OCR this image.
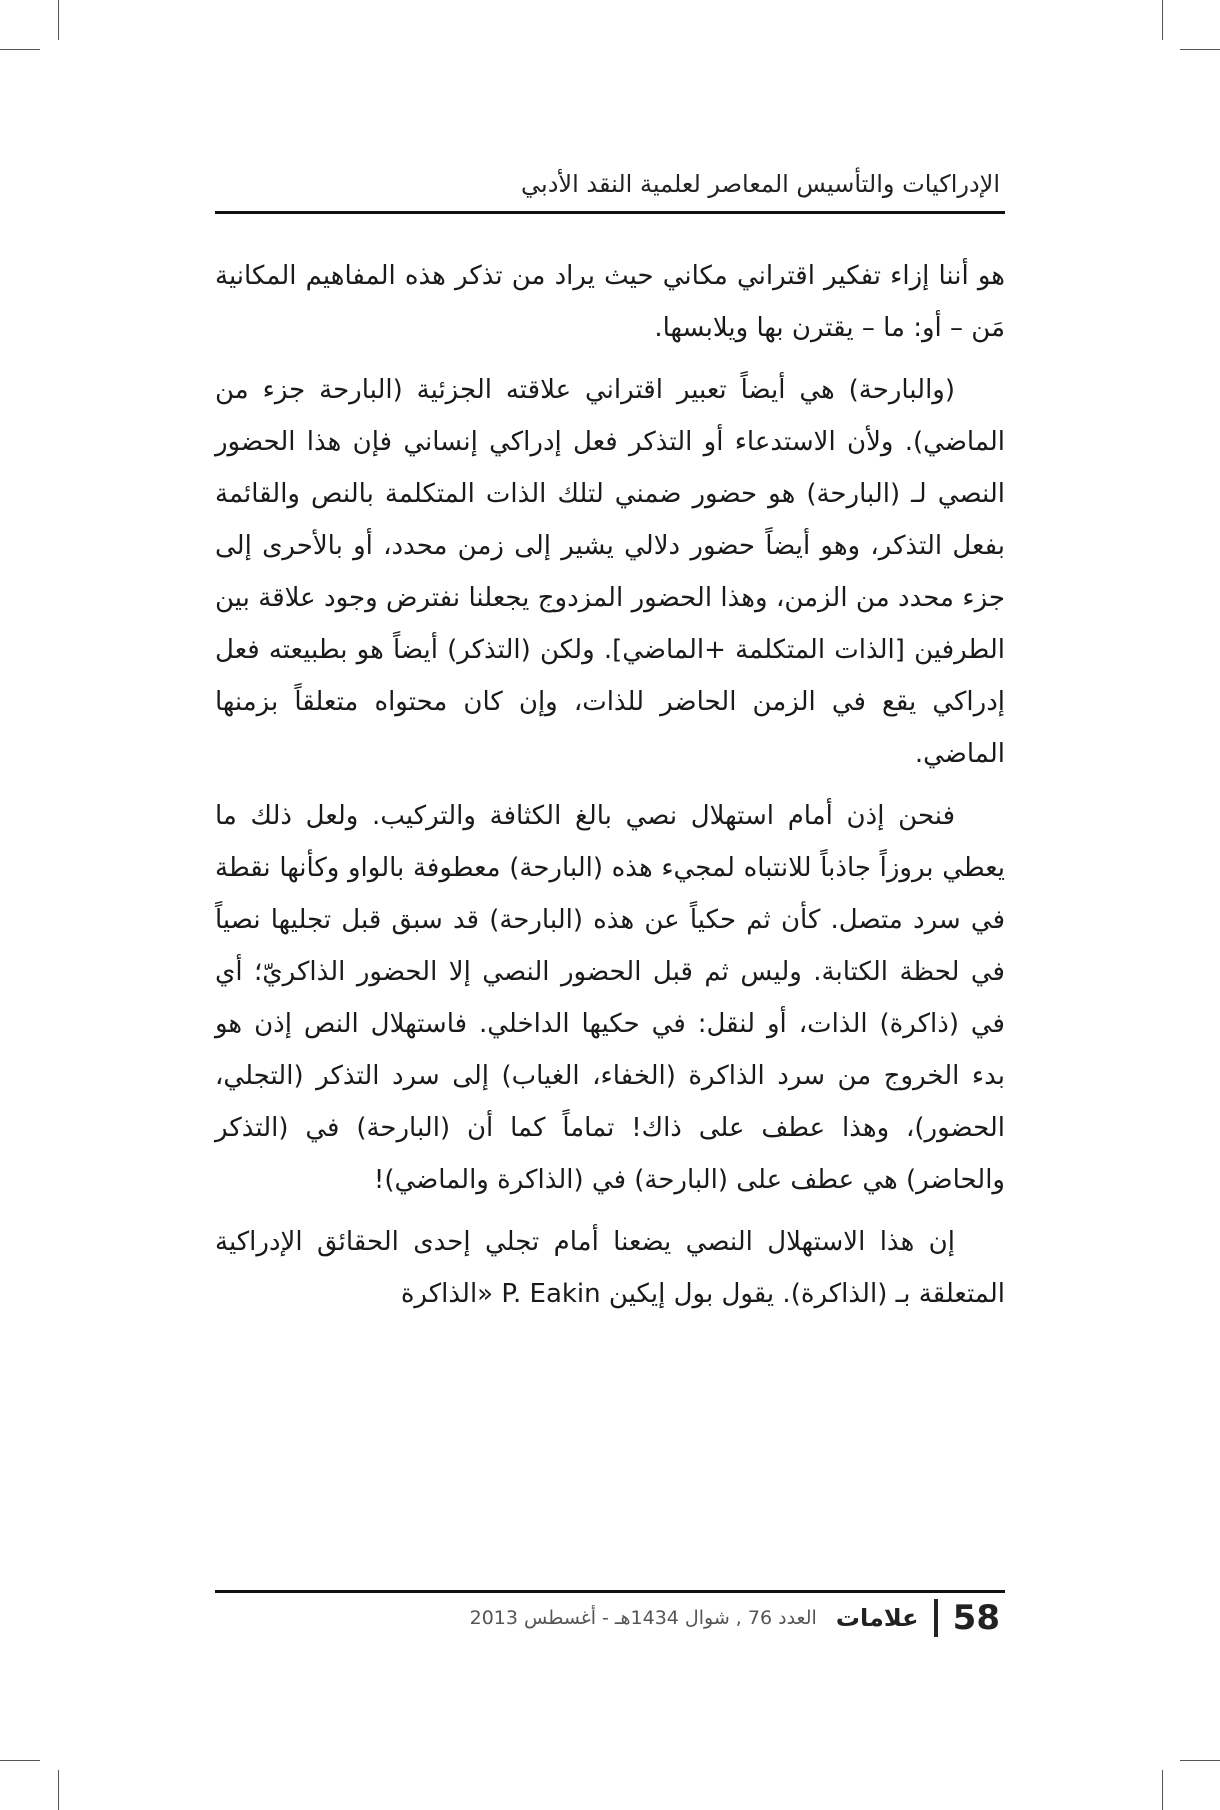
الإدراكيات والتأسيس المعاصر لعلمية النقد الأدبي

هو أننا إزاء تفكير اقتراني مكاني حيث يراد من تذكر هذه المفاهيم المكانية مَن – أو: ما – يقترن بها ويلابسها.

(والبارحة) هي أيضاً تعبير اقتراني علاقته الجزئية (البارحة جزء من الماضي). ولأن الاستدعاء أو التذكر فعل إدراكي إنساني فإن هذا الحضور النصي لـ (البارحة) هو حضور ضمني لتلك الذات المتكلمة بالنص والقائمة بفعل التذكر، وهو أيضاً حضور دلالي يشير إلى زمن محدد، أو بالأحرى إلى جزء محدد من الزمن، وهذا الحضور المزدوج يجعلنا نفترض وجود علاقة بين الطرفين [الذات المتكلمة +الماضي]. ولكن (التذكر) أيضاً هو بطبيعته فعل إدراكي يقع في الزمن الحاضر للذات، وإن كان محتواه متعلقاً بزمنها الماضي.

فنحن إذن أمام استهلال نصي بالغ الكثافة والتركيب. ولعل ذلك ما يعطي بروزاً جاذباً للانتباه لمجيء هذه (البارحة) معطوفة بالواو وكأنها نقطة في سرد متصل. كأن ثم حكياً عن هذه (البارحة) قد سبق قبل تجليها نصياً في لحظة الكتابة. وليس ثم قبل الحضور النصي إلا الحضور الذاكريّ؛ أي في (ذاكرة) الذات، أو لنقل: في حكيها الداخلي. فاستهلال النص إذن هو بدء الخروج من سرد الذاكرة (الخفاء، الغياب) إلى سرد التذكر (التجلي، الحضور)، وهذا عطف على ذاك! تماماً كما أن (البارحة) في (التذكر والحاضر) هي عطف على (البارحة) في (الذاكرة والماضي)!

إن هذا الاستهلال النصي يضعنا أمام تجلي إحدى الحقائق الإدراكية المتعلقة بـ (الذاكرة). يقول بول إيكين P. Eakin «الذاكرة

58  علامات العدد 76 , شوال 1434هـ - أغسطس 2013
